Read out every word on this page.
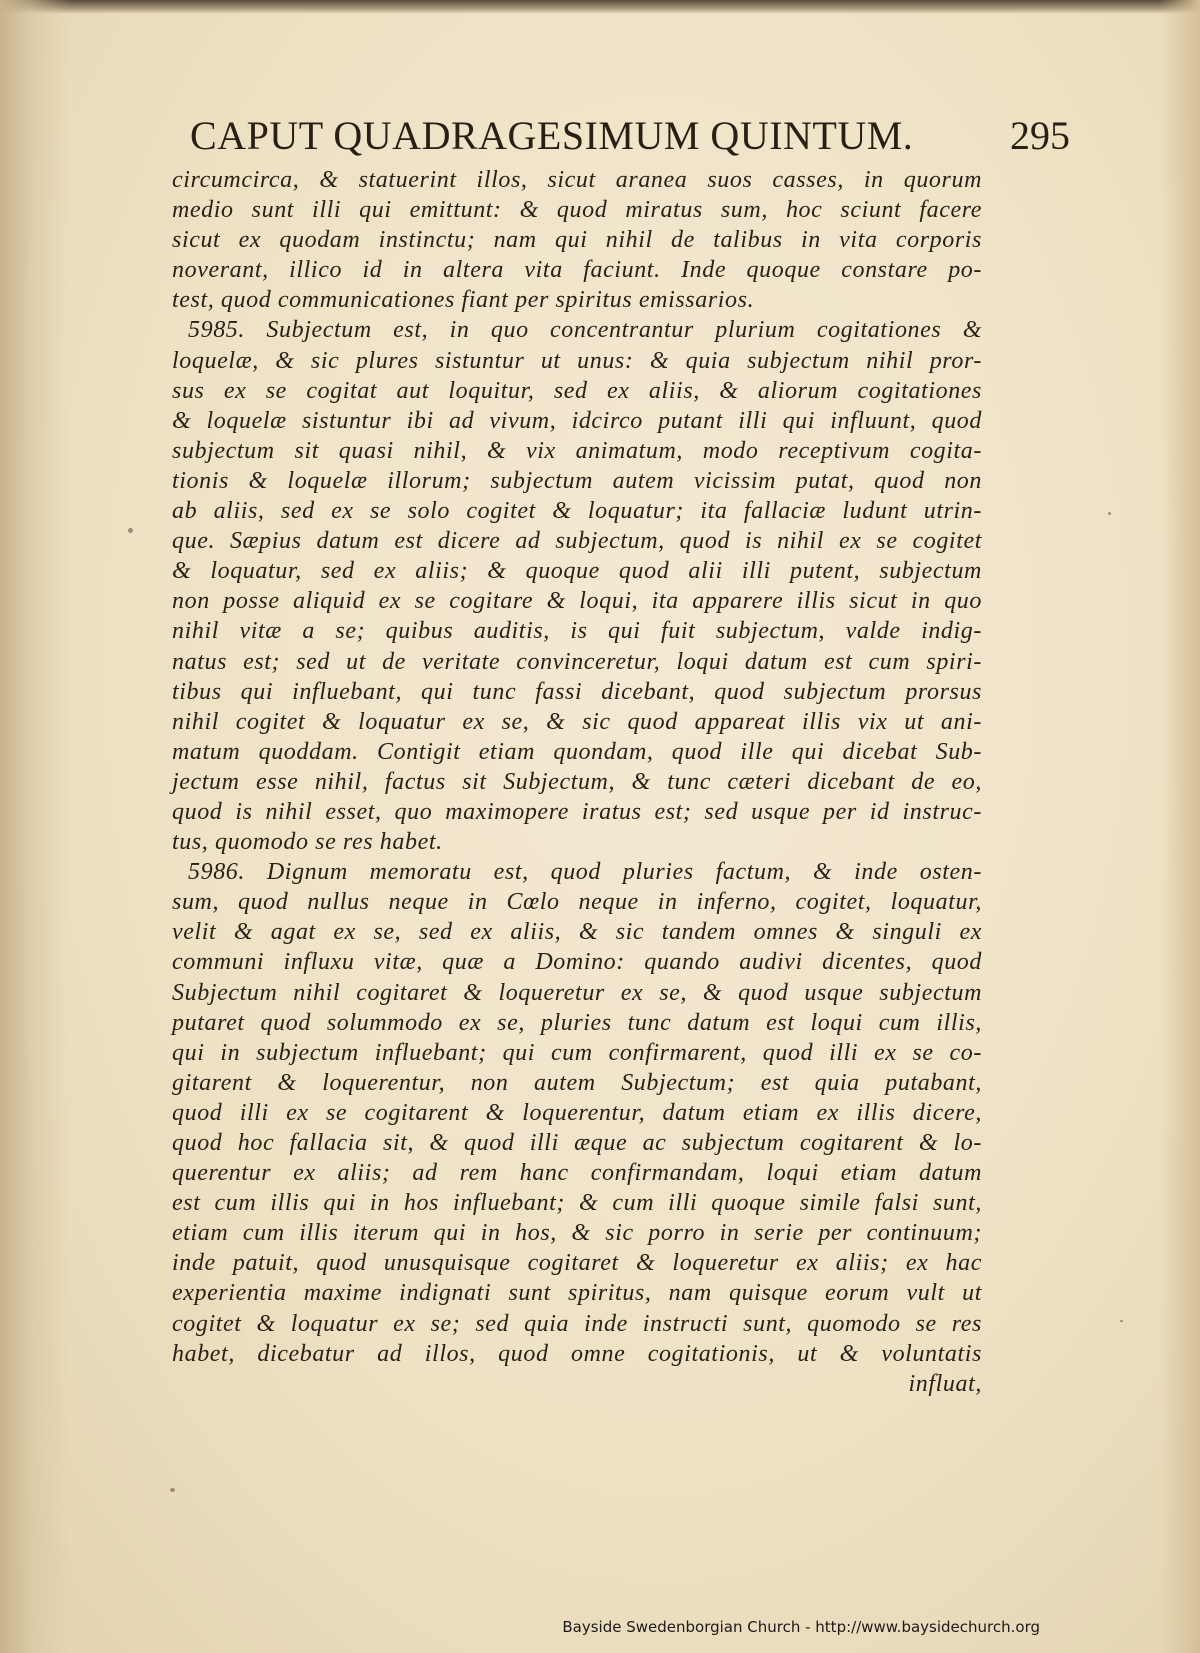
CAPUT QUADRAGESIMUM QUINTUM. 295
circumcirca, & statuerint illos, sicut aranea suos casses, in quorum
medio sunt illi qui emittunt: & quod miratus sum, hoc sciunt facere
sicut ex quodam instinctu; nam qui nihil de talibus in vita corporis
noverant, illico id in altera vita faciunt. Inde quoque constare po-
test, quod communicationes fiant per spiritus emissarios.
5985. Subjectum est, in quo concentrantur plurium cogitationes &
loquelæ, & sic plures sistuntur ut unus: & quia subjectum nihil pror-
sus ex se cogitat aut loquitur, sed ex aliis, & aliorum cogitationes
& loquelæ sistuntur ibi ad vivum, idcirco putant illi qui influunt, quod
subjectum sit quasi nihil, & vix animatum, modo receptivum cogita-
tionis & loquelæ illorum; subjectum autem vicissim putat, quod non
ab aliis, sed ex se solo cogitet & loquatur; ita fallaciæ ludunt utrin-
que. Sæpius datum est dicere ad subjectum, quod is nihil ex se cogitet
& loquatur, sed ex aliis; & quoque quod alii illi putent, subjectum
non posse aliquid ex se cogitare & loqui, ita apparere illis sicut in quo
nihil vitæ a se; quibus auditis, is qui fuit subjectum, valde indig-
natus est; sed ut de veritate convinceretur, loqui datum est cum spiri-
tibus qui influebant, qui tunc fassi dicebant, quod subjectum prorsus
nihil cogitet & loquatur ex se, & sic quod appareat illis vix ut ani-
matum quoddam. Contigit etiam quondam, quod ille qui dicebat Sub-
jectum esse nihil, factus sit Subjectum, & tunc cæteri dicebant de eo,
quod is nihil esset, quo maximopere iratus est; sed usque per id instruc-
tus, quomodo se res habet.
5986. Dignum memoratu est, quod pluries factum, & inde osten-
sum, quod nullus neque in Cœlo neque in inferno, cogitet, loquatur,
velit & agat ex se, sed ex aliis, & sic tandem omnes & singuli ex
communi influxu vitæ, quæ a Domino: quando audivi dicentes, quod
Subjectum nihil cogitaret & loqueretur ex se, & quod usque subjectum
putaret quod solummodo ex se, pluries tunc datum est loqui cum illis,
qui in subjectum influebant; qui cum confirmarent, quod illi ex se co-
gitarent & loquerentur, non autem Subjectum; est quia putabant,
quod illi ex se cogitarent & loquerentur, datum etiam ex illis dicere,
quod hoc fallacia sit, & quod illi æque ac subjectum cogitarent & lo-
querentur ex aliis; ad rem hanc confirmandam, loqui etiam datum
est cum illis qui in hos influebant; & cum illi quoque simile falsi sunt,
etiam cum illis iterum qui in hos, & sic porro in serie per continuum;
inde patuit, quod unusquisque cogitaret & loqueretur ex aliis; ex hac
experientia maxime indignati sunt spiritus, nam quisque eorum vult ut
cogitet & loquatur ex se; sed quia inde instructi sunt, quomodo se res
habet, dicebatur ad illos, quod omne cogitationis, ut & voluntatis
influat,
Bayside Swedenborgian Church - http://www.baysidechurch.org
